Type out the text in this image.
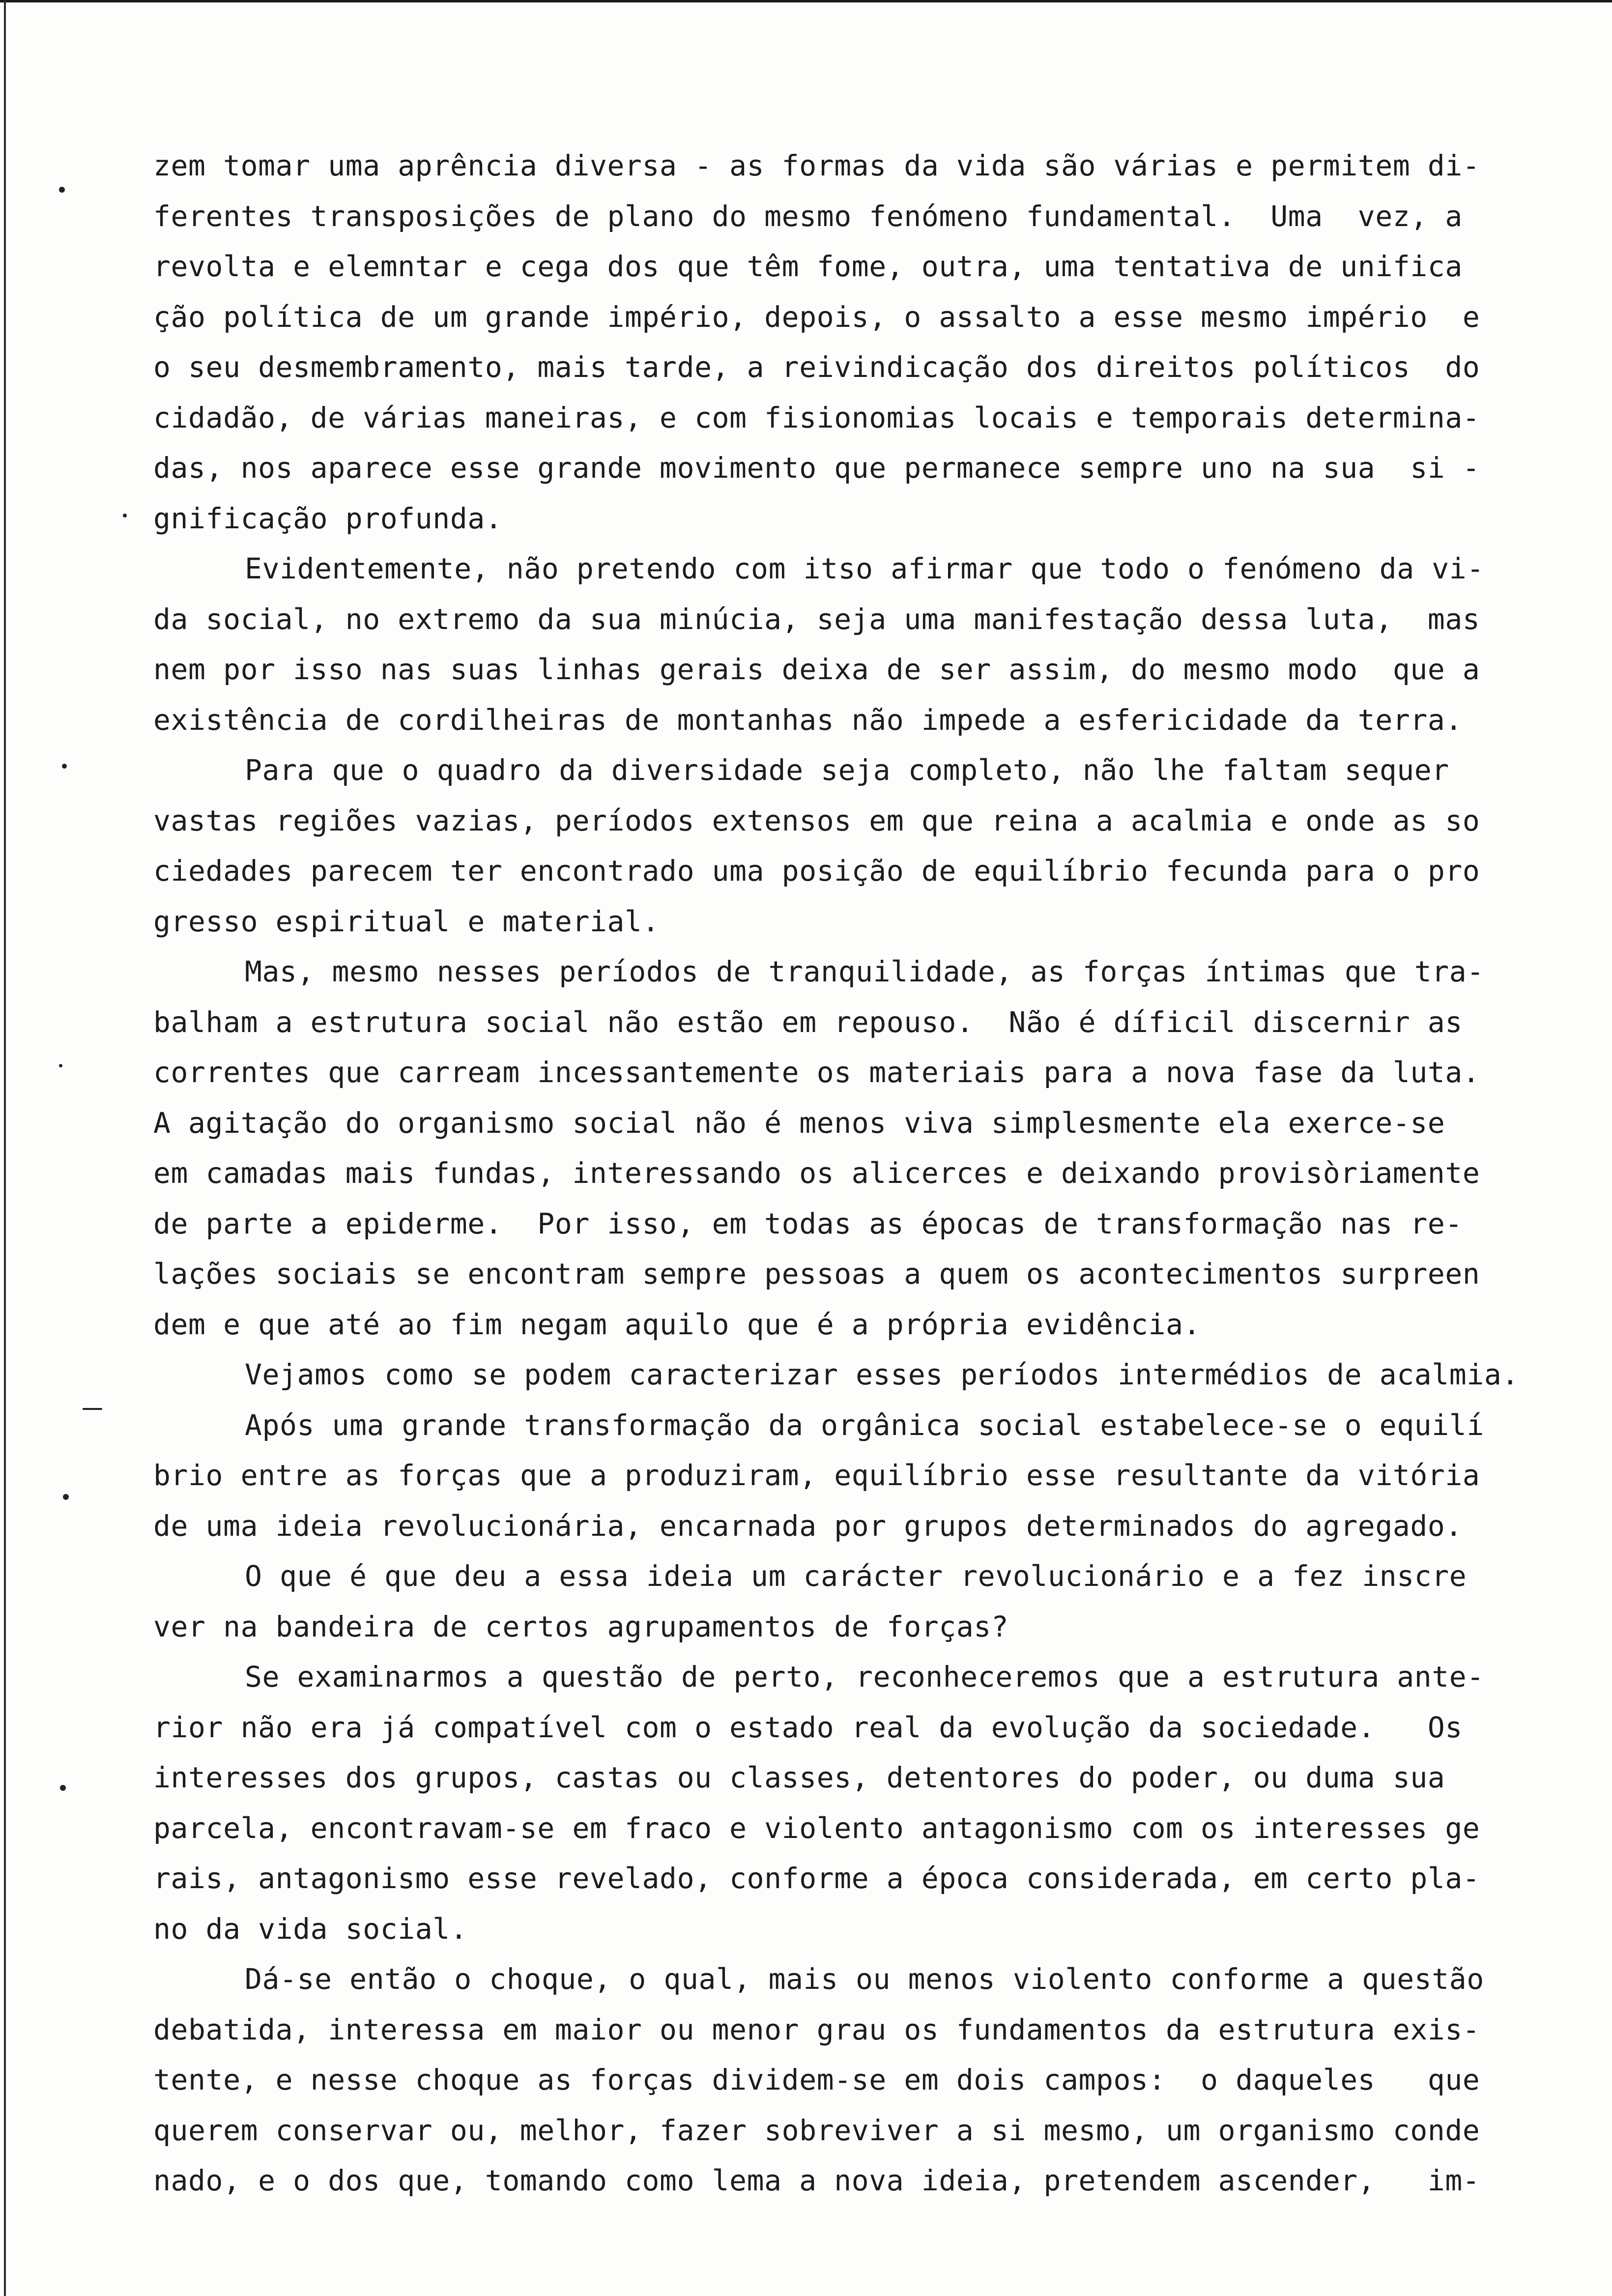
zem tomar uma aprência diversa - as formas da vida são várias e permitem di-
ferentes transposições de plano do mesmo fenómeno fundamental.  Uma  vez, a
revolta e elemntar e cega dos que têm fome, outra, uma tentativa de unifica
ção política de um grande império, depois, o assalto a esse mesmo império  e
o seu desmembramento, mais tarde, a reivindicação dos direitos políticos  do
cidadão, de várias maneiras, e com fisionomias locais e temporais determina-
das, nos aparece esse grande movimento que permanece sempre uno na sua  si -
gnificação profunda.
Evidentemente, não pretendo com itso afirmar que todo o fenómeno da vi-
da social, no extremo da sua minúcia, seja uma manifestação dessa luta,  mas
nem por isso nas suas linhas gerais deixa de ser assim, do mesmo modo  que a
existência de cordilheiras de montanhas não impede a esfericidade da terra.
Para que o quadro da diversidade seja completo, não lhe faltam sequer
vastas regiões vazias, períodos extensos em que reina a acalmia e onde as so
ciedades parecem ter encontrado uma posição de equilíbrio fecunda para o pro
gresso espiritual e material.
Mas, mesmo nesses períodos de tranquilidade, as forças íntimas que tra-
balham a estrutura social não estão em repouso.  Não é díficil discernir as
correntes que carream incessantemente os materiais para a nova fase da luta.
A agitação do organismo social não é menos viva simplesmente ela exerce-se
em camadas mais fundas, interessando os alicerces e deixando provisòriamente
de parte a epiderme.  Por isso, em todas as épocas de transformação nas re-
lações sociais se encontram sempre pessoas a quem os acontecimentos surpreen
dem e que até ao fim negam aquilo que é a própria evidência.
Vejamos como se podem caracterizar esses períodos intermédios de acalmia.
Após uma grande transformação da orgânica social estabelece-se o equilí
brio entre as forças que a produziram, equilíbrio esse resultante da vitória
de uma ideia revolucionária, encarnada por grupos determinados do agregado.
O que é que deu a essa ideia um carácter revolucionário e a fez inscre
ver na bandeira de certos agrupamentos de forças?
Se examinarmos a questão de perto, reconheceremos que a estrutura ante-
rior não era já compatível com o estado real da evolução da sociedade.   Os
interesses dos grupos, castas ou classes, detentores do poder, ou duma sua
parcela, encontravam-se em fraco e violento antagonismo com os interesses ge
rais, antagonismo esse revelado, conforme a época considerada, em certo pla-
no da vida social.
Dá-se então o choque, o qual, mais ou menos violento conforme a questão
debatida, interessa em maior ou menor grau os fundamentos da estrutura exis-
tente, e nesse choque as forças dividem-se em dois campos:  o daqueles   que
querem conservar ou, melhor, fazer sobreviver a si mesmo, um organismo conde
nado, e o dos que, tomando como lema a nova ideia, pretendem ascender,   im-
